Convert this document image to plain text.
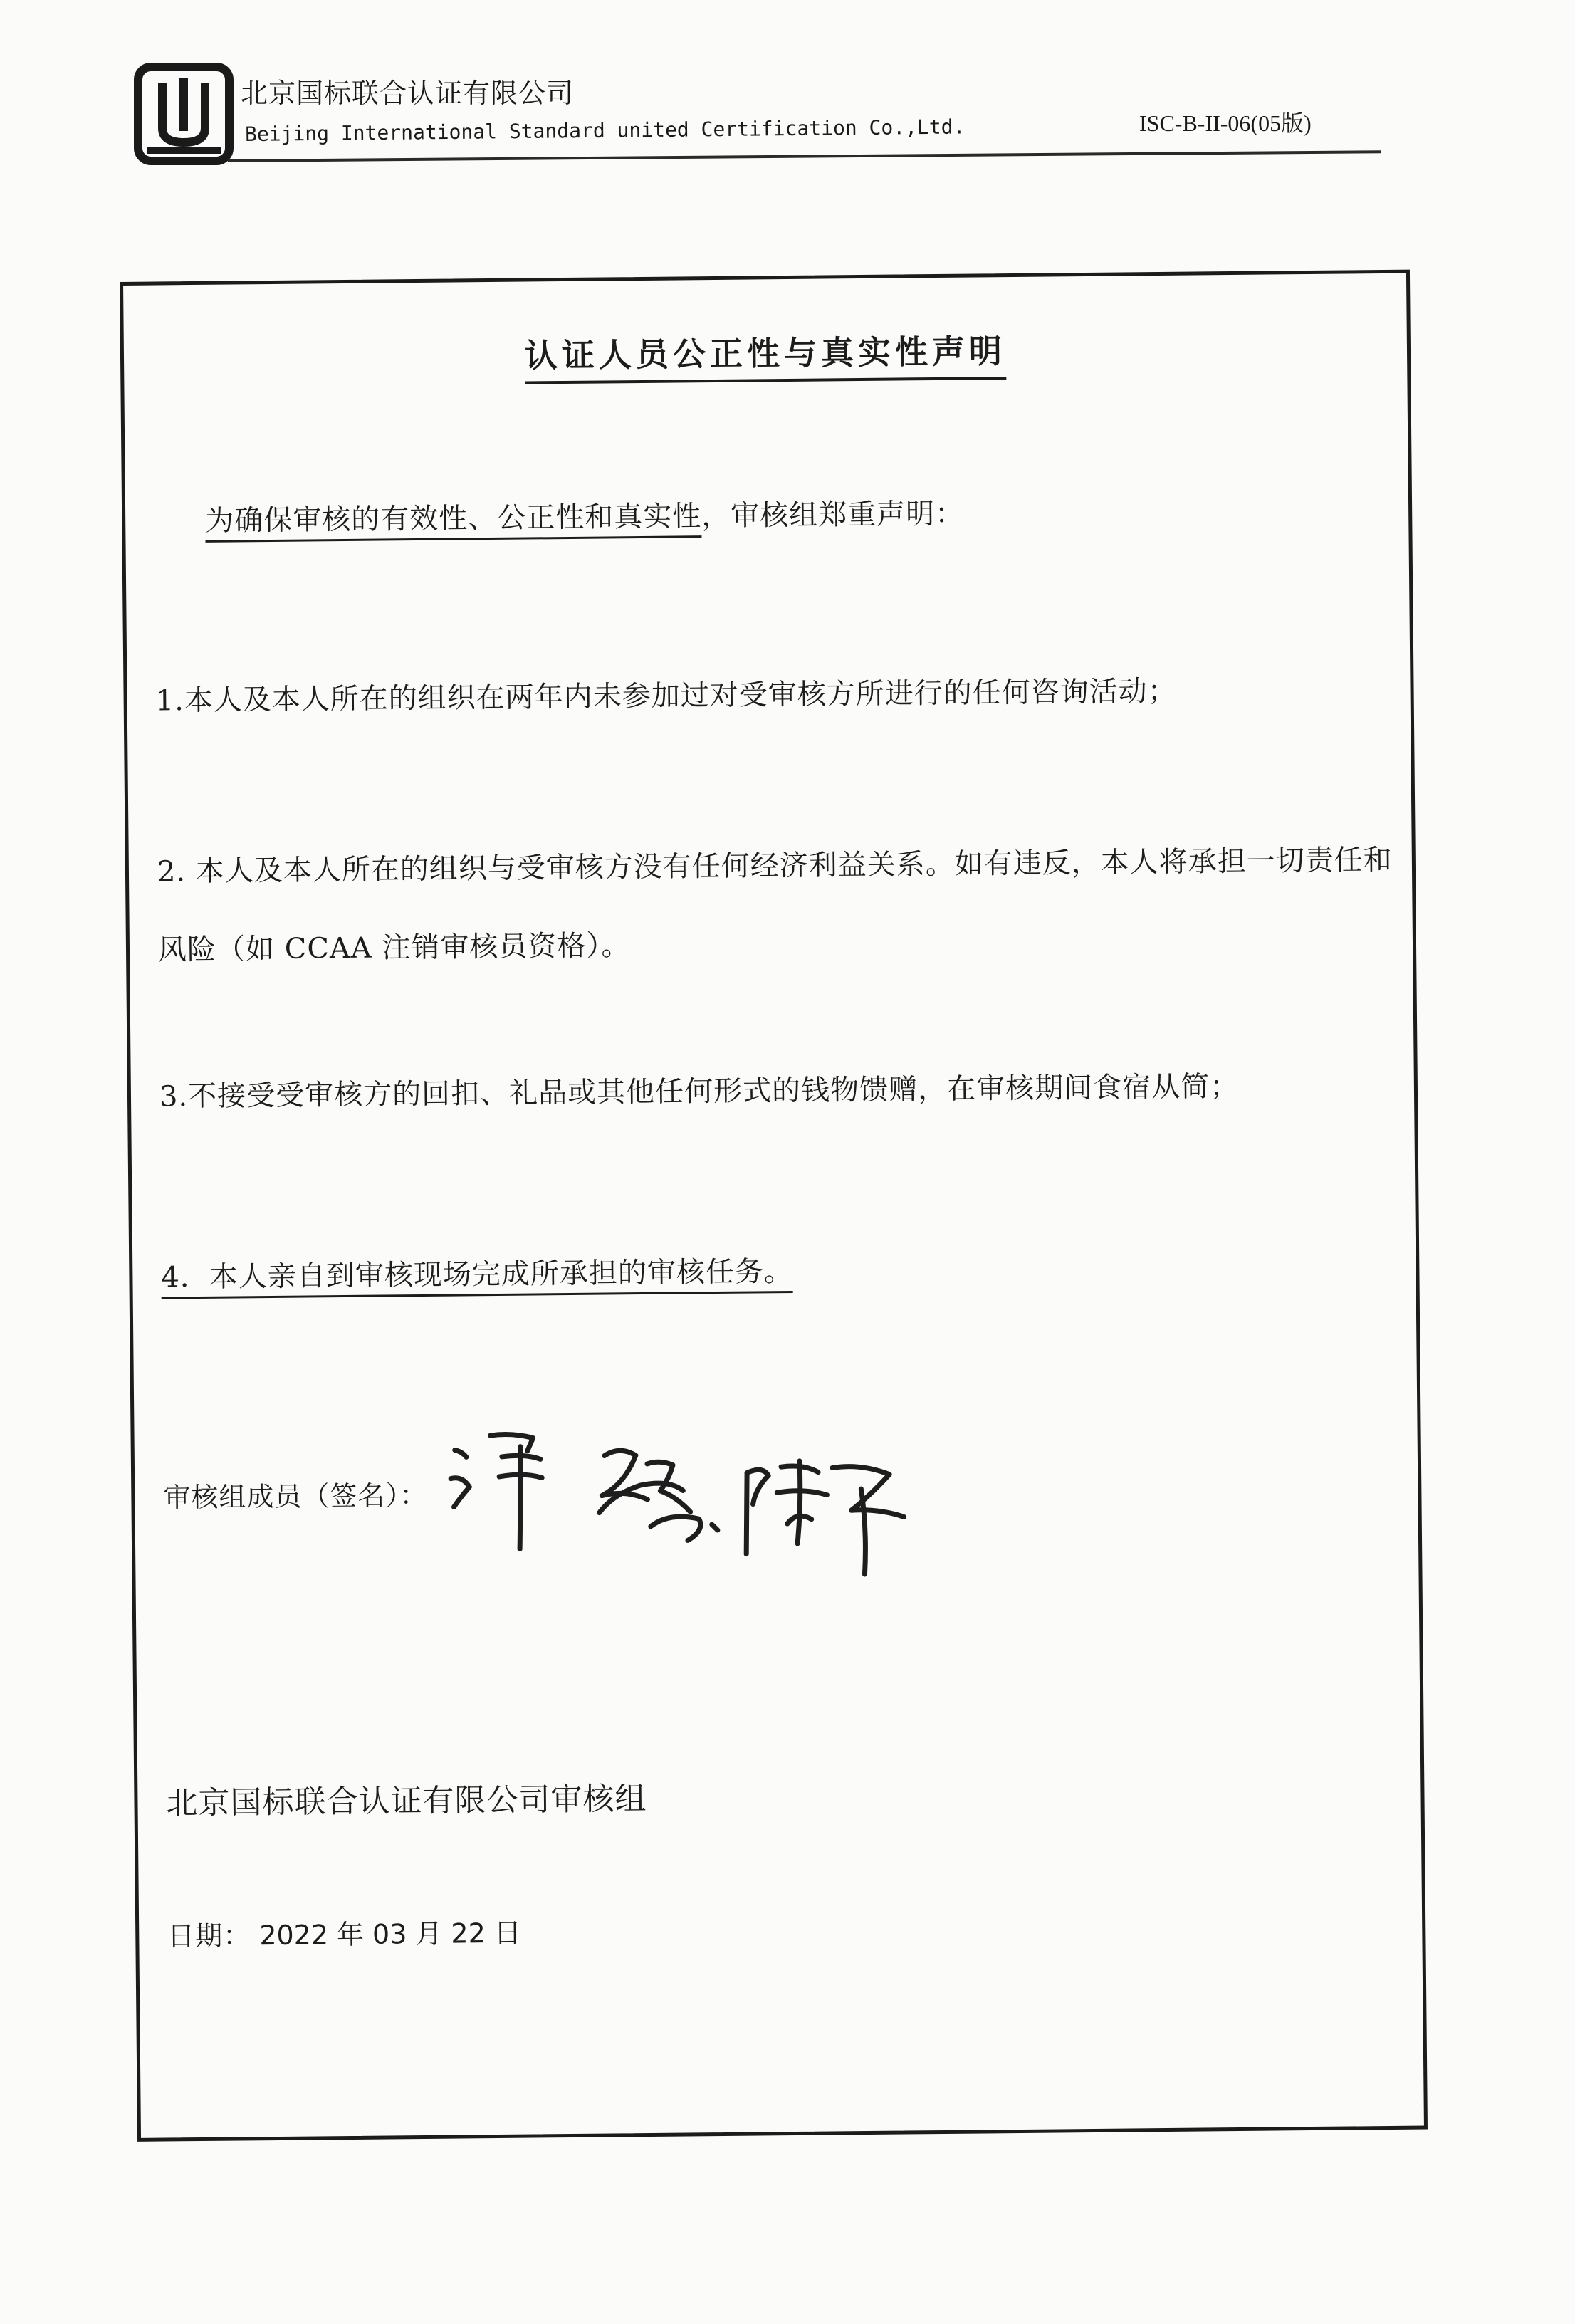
北京国标联合认证有限公司
Beijing International Standard united Certification Co.,Ltd.	ISC-B-II-06(05版)
认证人员公正性与真实性声明
为确保审核的有效性、公正性和真实性，审核组郑重声明：
1.本人及本人所在的组织在两年内未参加过对受审核方所进行的任何咨询活动；
2. 本人及本人所在的组织与受审核方没有任何经济利益关系。如有违反，本人将承担一切责任和
风险（如 CCAA 注销审核员资格）。
3.不接受受审核方的回扣、礼品或其他任何形式的钱物馈赠，在审核期间食宿从简；
4．本人亲自到审核现场完成所承担的审核任务。
审核组成员（签名）：
北京国标联合认证有限公司审核组
日期： 2022 年 03 月 22 日
